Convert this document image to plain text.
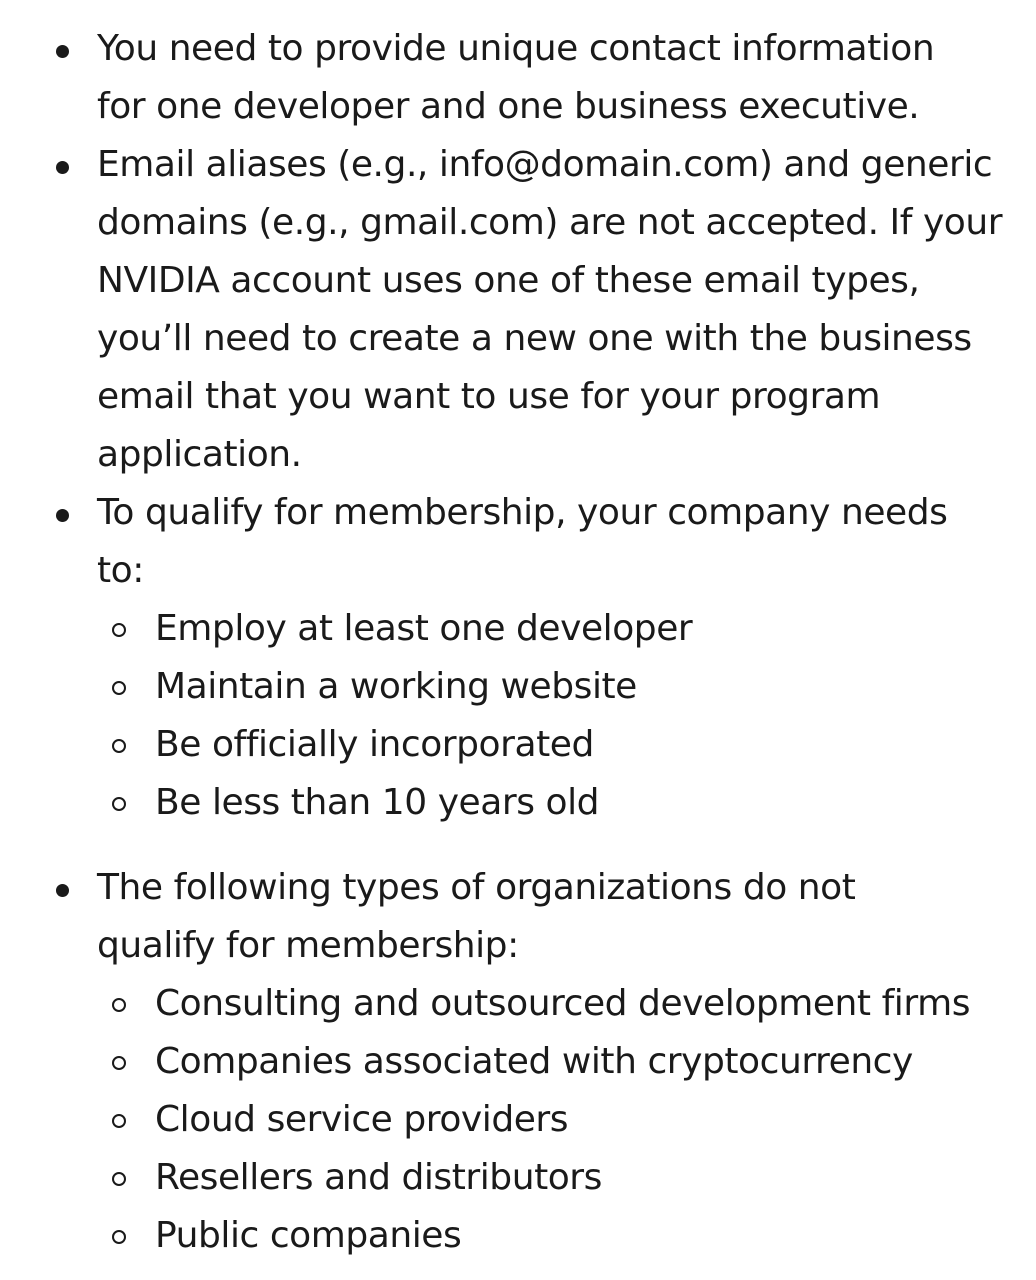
You need to provide unique contact information
for one developer and one business executive.
Email aliases (e.g., info@domain.com) and generic
domains (e.g., gmail.com) are not accepted. If your
NVIDIA account uses one of these email types,
you’ll need to create a new one with the business
email that you want to use for your program
application.
To qualify for membership, your company needs
to:
Employ at least one developer
Maintain a working website
Be officially incorporated
Be less than 10 years old
The following types of organizations do not
qualify for membership:
Consulting and outsourced development firms
Companies associated with cryptocurrency
Cloud service providers
Resellers and distributors
Public companies
